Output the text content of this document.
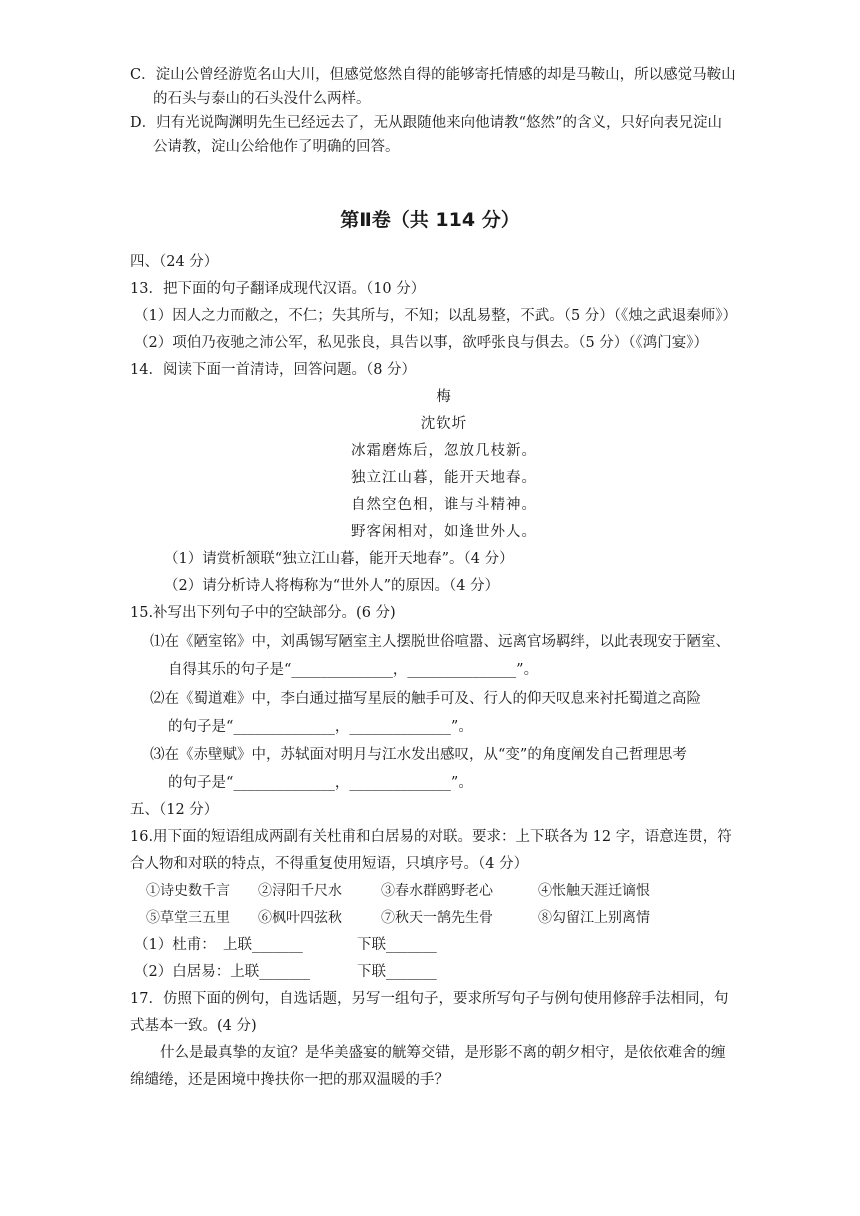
C．淀山公曾经游览名山大川，但感觉悠然自得的能够寄托情感的却是马鞍山，所以感觉马鞍山
的石头与泰山的石头没什么两样。
D．归有光说陶渊明先生已经远去了，无从跟随他来向他请教“悠然”的含义，只好向表兄淀山
公请教，淀山公给他作了明确的回答。
第Ⅱ卷（共 114 分）
四、（24 分）
13．把下面的句子翻译成现代汉语。（10 分）
（1）因人之力而敝之，不仁；失其所与，不知；以乱易整，不武。（5 分）（《烛之武退秦师》）
（2）项伯乃夜驰之沛公军，私见张良，具告以事，欲呼张良与俱去。（5 分）（《鸿门宴》）
14．阅读下面一首清诗，回答问题。（8 分）
梅
沈钦圻
冰霜磨炼后，忽放几枝新。
独立江山暮，能开天地春。
自然空色相，谁与斗精神。
野客闲相对，如逢世外人。
（1）请赏析颔联“独立江山暮，能开天地春”。（4 分）
（2）请分析诗人将梅称为“世外人”的原因。（4 分）
15.补写出下列句子中的空缺部分。(6 分)
⑴在《陋室铭》中，刘禹锡写陋室主人摆脱世俗喧嚣、远离官场羁绊，以此表现安于陋室、
自得其乐的句子是“______________，_______________”。
⑵在《蜀道难》中，李白通过描写星辰的触手可及、行人的仰天叹息来衬托蜀道之高险
的句子是“______________，______________”。
⑶在《赤壁赋》中，苏轼面对明月与江水发出感叹，从“变”的角度阐发自己哲理思考
的句子是“______________，______________”。
五、（12 分）
16.用下面的短语组成两副有关杜甫和白居易的对联。要求：上下联各为 12 字，语意连贯，符
合人物和对联的特点，不得重复使用短语，只填序号。（4 分）
①诗史数千言 ②浔阳千尺水	③春水群鸥野老心	④怅触天涯迁谪恨
⑤草堂三五里 ⑥枫叶四弦秋	⑦秋天一鹄先生骨	⑧勾留江上别离情
（1）杜甫：　上联_______	下联_______
（2）白居易：上联_______	下联_______
17．仿照下面的例句，自选话题，另写一组句子，要求所写句子与例句使用修辞手法相同，句
式基本一致。(4 分)
什么是最真挚的友谊？是华美盛宴的觥筹交错，是形影不离的朝夕相守，是依依难舍的缠
绵缱绻，还是困境中搀扶你一把的那双温暖的手？
